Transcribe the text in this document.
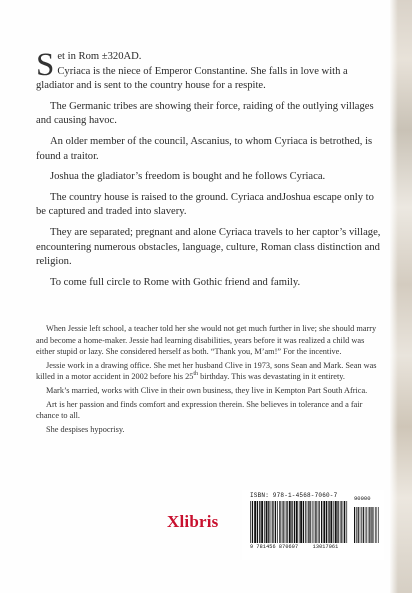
Set in Rom ±320AD.
Cyriaca is the niece of Emperor Constantine. She falls in love with a gladiator and is sent to the country house for a respite.

The Germanic tribes are showing their force, raiding of the outlying villages and causing havoc.

An older member of the council, Ascanius, to whom Cyriaca is betrothed, is found a traitor.

Joshua the gladiator’s freedom is bought and he follows Cyriaca.

The country house is raised to the ground. Cyriaca andJoshua escape only to be captured and traded into slavery.

They are separated; pregnant and alone Cyriaca travels to her captor’s village, encountering numerous obstacles, language, culture, Roman class distinction and religion.

To come full circle to Rome with Gothic friend and family.

When Jessie left school, a teacher told her she would not get much further in live; she should marry and become a home-maker. Jessie had learning disabilities, years before it was realized a child was either stupid or lazy. She considered herself as both. “Thank you, M’am!” For the incentive.

Jessie work in a drawing office. She met her husband Clive in 1973, sons Sean and Mark. Sean was killed in a motor accident in 2002 before his 25th birthday. This was devastating in it entirety.

Mark’s married, works with Clive in their own business, they live in Kempton Part South Africa.

Art is her passion and finds comfort and expression therein. She believes in tolerance and a fair chance to all.

She despises hypocrisy.

Xlibris
ISBN: 978-1-4568-7060-7
9 781456 870607	13017061
90000
